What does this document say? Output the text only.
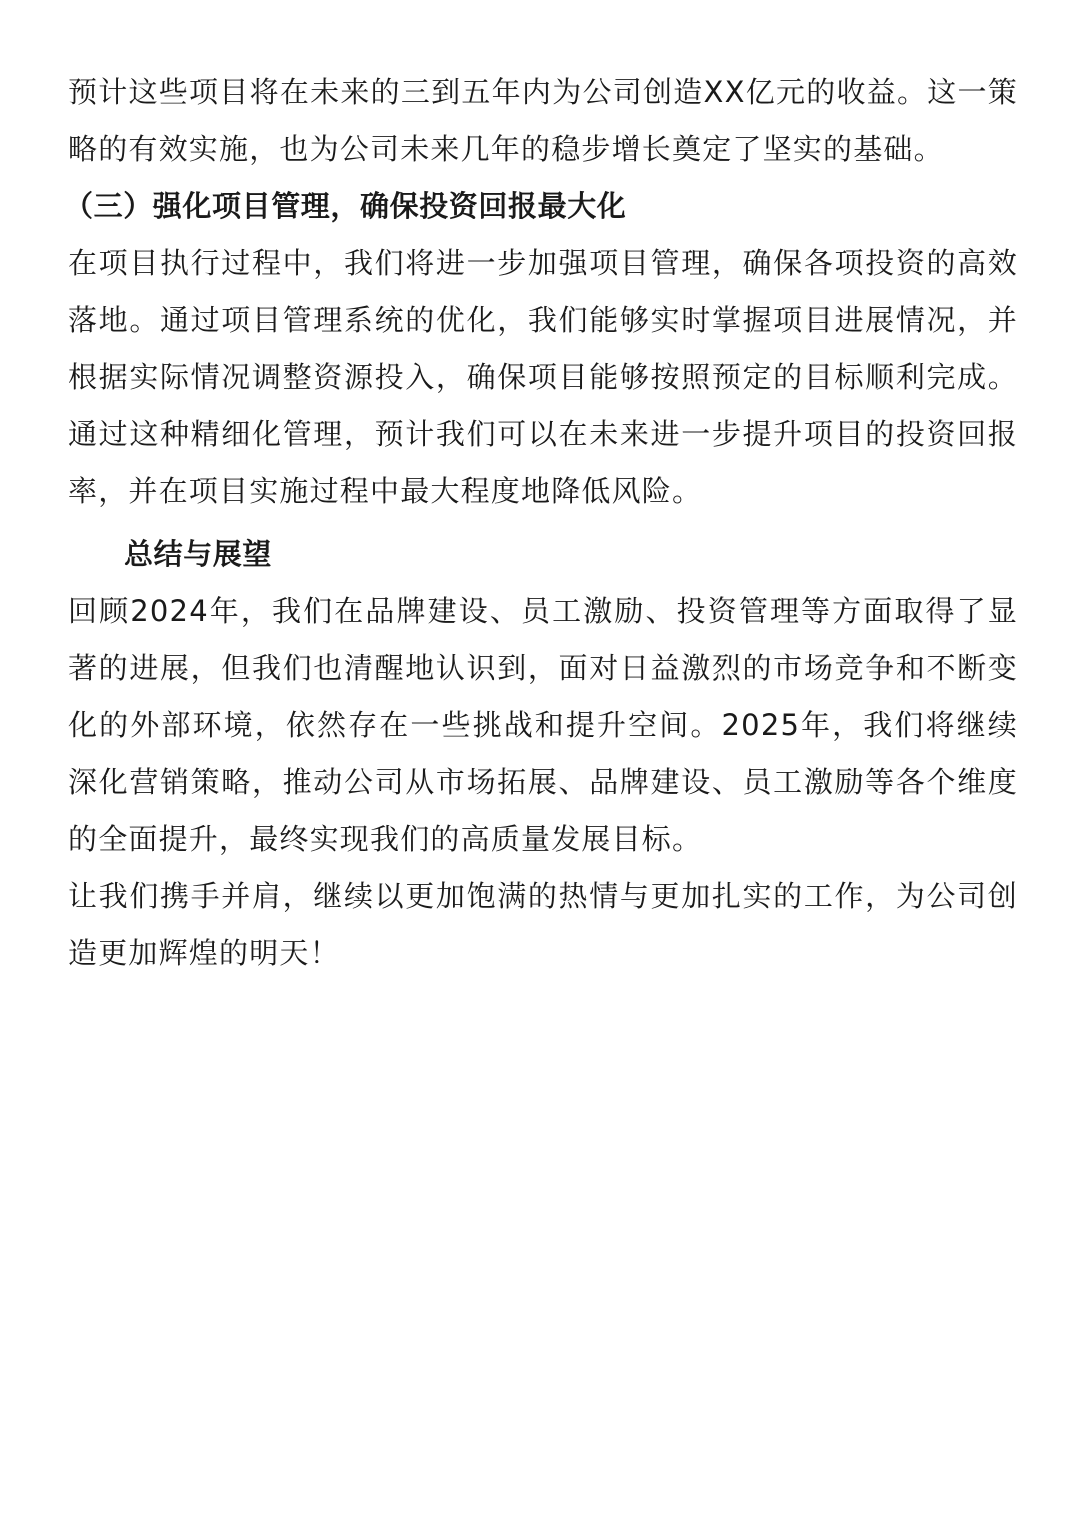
预计这些项目将在未来的三到五年内为公司创造XX亿元的收益。这一策略的有效实施，也为公司未来几年的稳步增长奠定了坚实的基础。

（三）强化项目管理，确保投资回报最大化

在项目执行过程中，我们将进一步加强项目管理，确保各项投资的高效落地。通过项目管理系统的优化，我们能够实时掌握项目进展情况，并根据实际情况调整资源投入，确保项目能够按照预定的目标顺利完成。通过这种精细化管理，预计我们可以在未来进一步提升项目的投资回报率，并在项目实施过程中最大程度地降低风险。

总结与展望

回顾2024年，我们在品牌建设、员工激励、投资管理等方面取得了显著的进展，但我们也清醒地认识到，面对日益激烈的市场竞争和不断变化的外部环境，依然存在一些挑战和提升空间。2025年，我们将继续深化营销策略，推动公司从市场拓展、品牌建设、员工激励等各个维度的全面提升，最终实现我们的高质量发展目标。

让我们携手并肩，继续以更加饱满的热情与更加扎实的工作，为公司创造更加辉煌的明天！
